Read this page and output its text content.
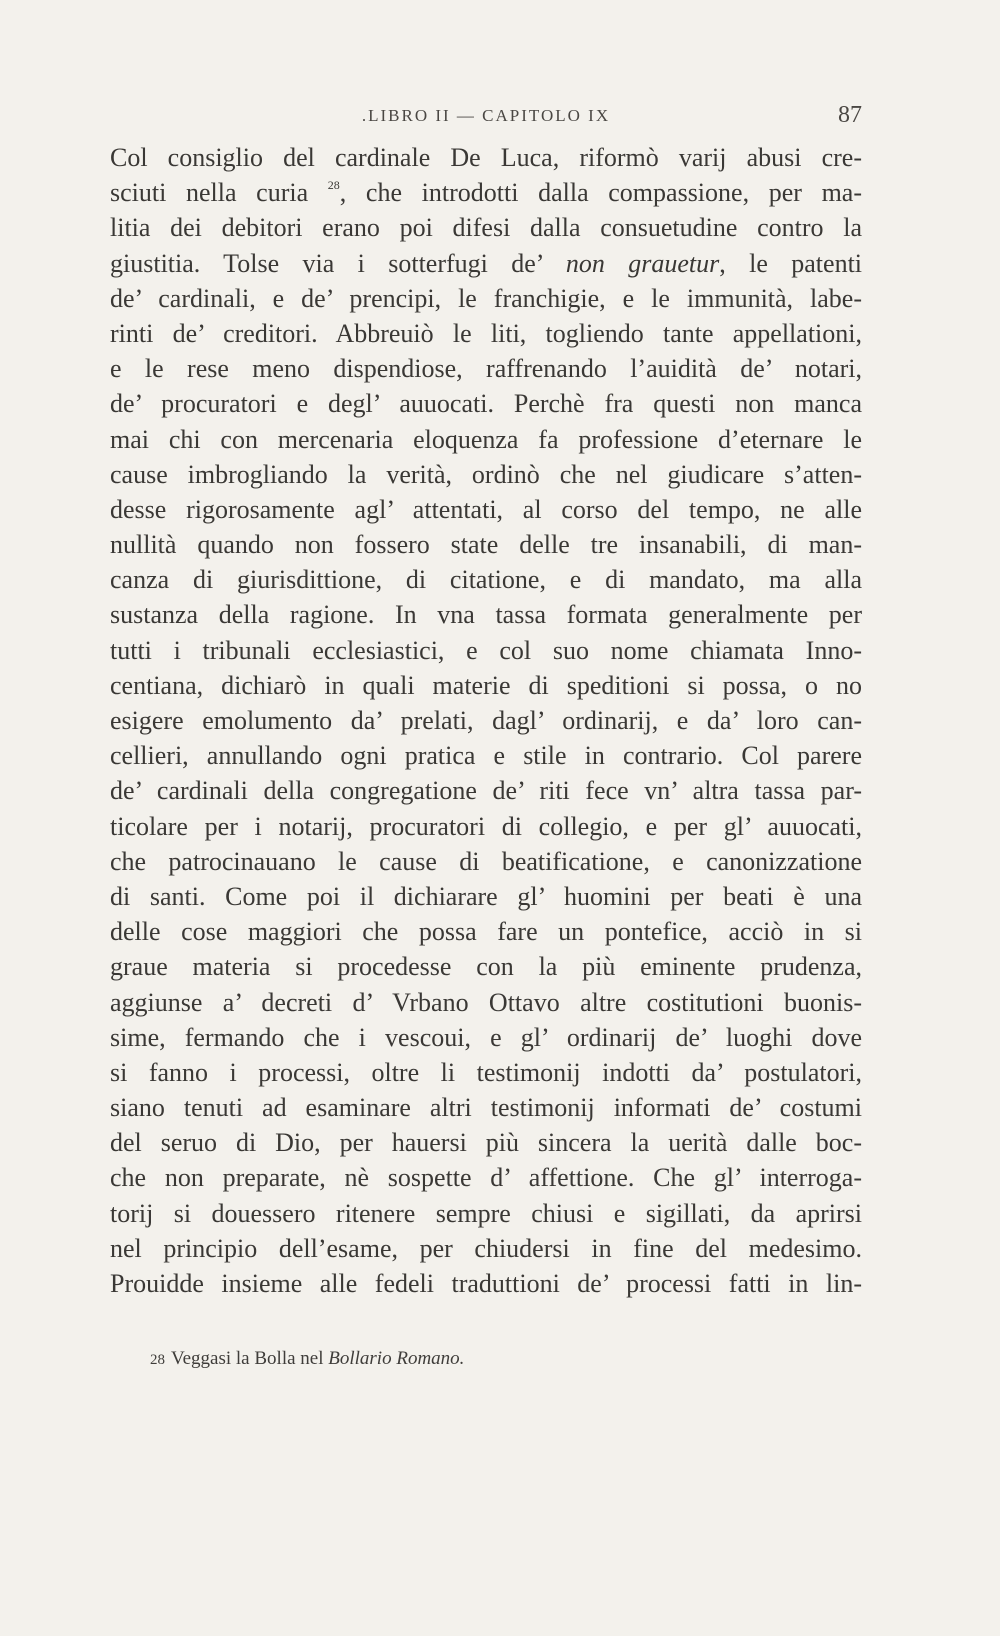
.LIBRO II — CAPITOLO IX	87
Col consiglio del cardinale De Luca, riformò varij abusi cre-
sciuti nella curia $^{28}$, che introdotti dalla compassione, per ma-
litia dei debitori erano poi difesi dalla consuetudine contro la
giustitia. Tolse via i sotterfugi de’ non grauetur, le patenti
de’ cardinali, e de’ prencipi, le franchigie, e le immunità, labe-
rinti de’ creditori. Abbreuiò le liti, togliendo tante appellationi,
e le rese meno dispendiose, raffrenando l’auidità de’ notari,
de’ procuratori e degl’ auuocati. Perchè fra questi non manca
mai chi con mercenaria eloquenza fa professione d’eternare le
cause imbrogliando la verità, ordinò che nel giudicare s’atten-
desse rigorosamente agl’ attentati, al corso del tempo, ne alle
nullità quando non fossero state delle tre insanabili, di man-
canza di giurisdittione, di citatione, e di mandato, ma alla
sustanza della ragione. In vna tassa formata generalmente per
tutti i tribunali ecclesiastici, e col suo nome chiamata Inno-
centiana, dichiarò in quali materie di speditioni si possa, o no
esigere emolumento da’ prelati, dagl’ ordinarij, e da’ loro can-
cellieri, annullando ogni pratica e stile in contrario. Col parere
de’ cardinali della congregatione de’ riti fece vn’ altra tassa par-
ticolare per i notarij, procuratori di collegio, e per gl’ auuocati,
che patrocinauano le cause di beatificatione, e canonizzatione
di santi. Come poi il dichiarare gl’ huomini per beati è una
delle cose maggiori che possa fare un pontefice, acciò in si
graue materia si procedesse con la più eminente prudenza,
aggiunse a’ decreti d’ Vrbano Ottavo altre costitutioni buonis-
sime, fermando che i vescoui, e gl’ ordinarij de’ luoghi dove
si fanno i processi, oltre li testimonij indotti da’ postulatori,
siano tenuti ad esaminare altri testimonij informati de’ costumi
del seruo di Dio, per hauersi più sincera la uerità dalle boc-
che non preparate, nè sospette d’ affettione. Che gl’ interroga-
torij si douessero ritenere sempre chiusi e sigillati, da aprirsi
nel principio dell’esame, per chiudersi in fine del medesimo.
Prouidde insieme alle fedeli traduttioni de’ processi fatti in lin-
28 Veggasi la Bolla nel Bollario Romano.
